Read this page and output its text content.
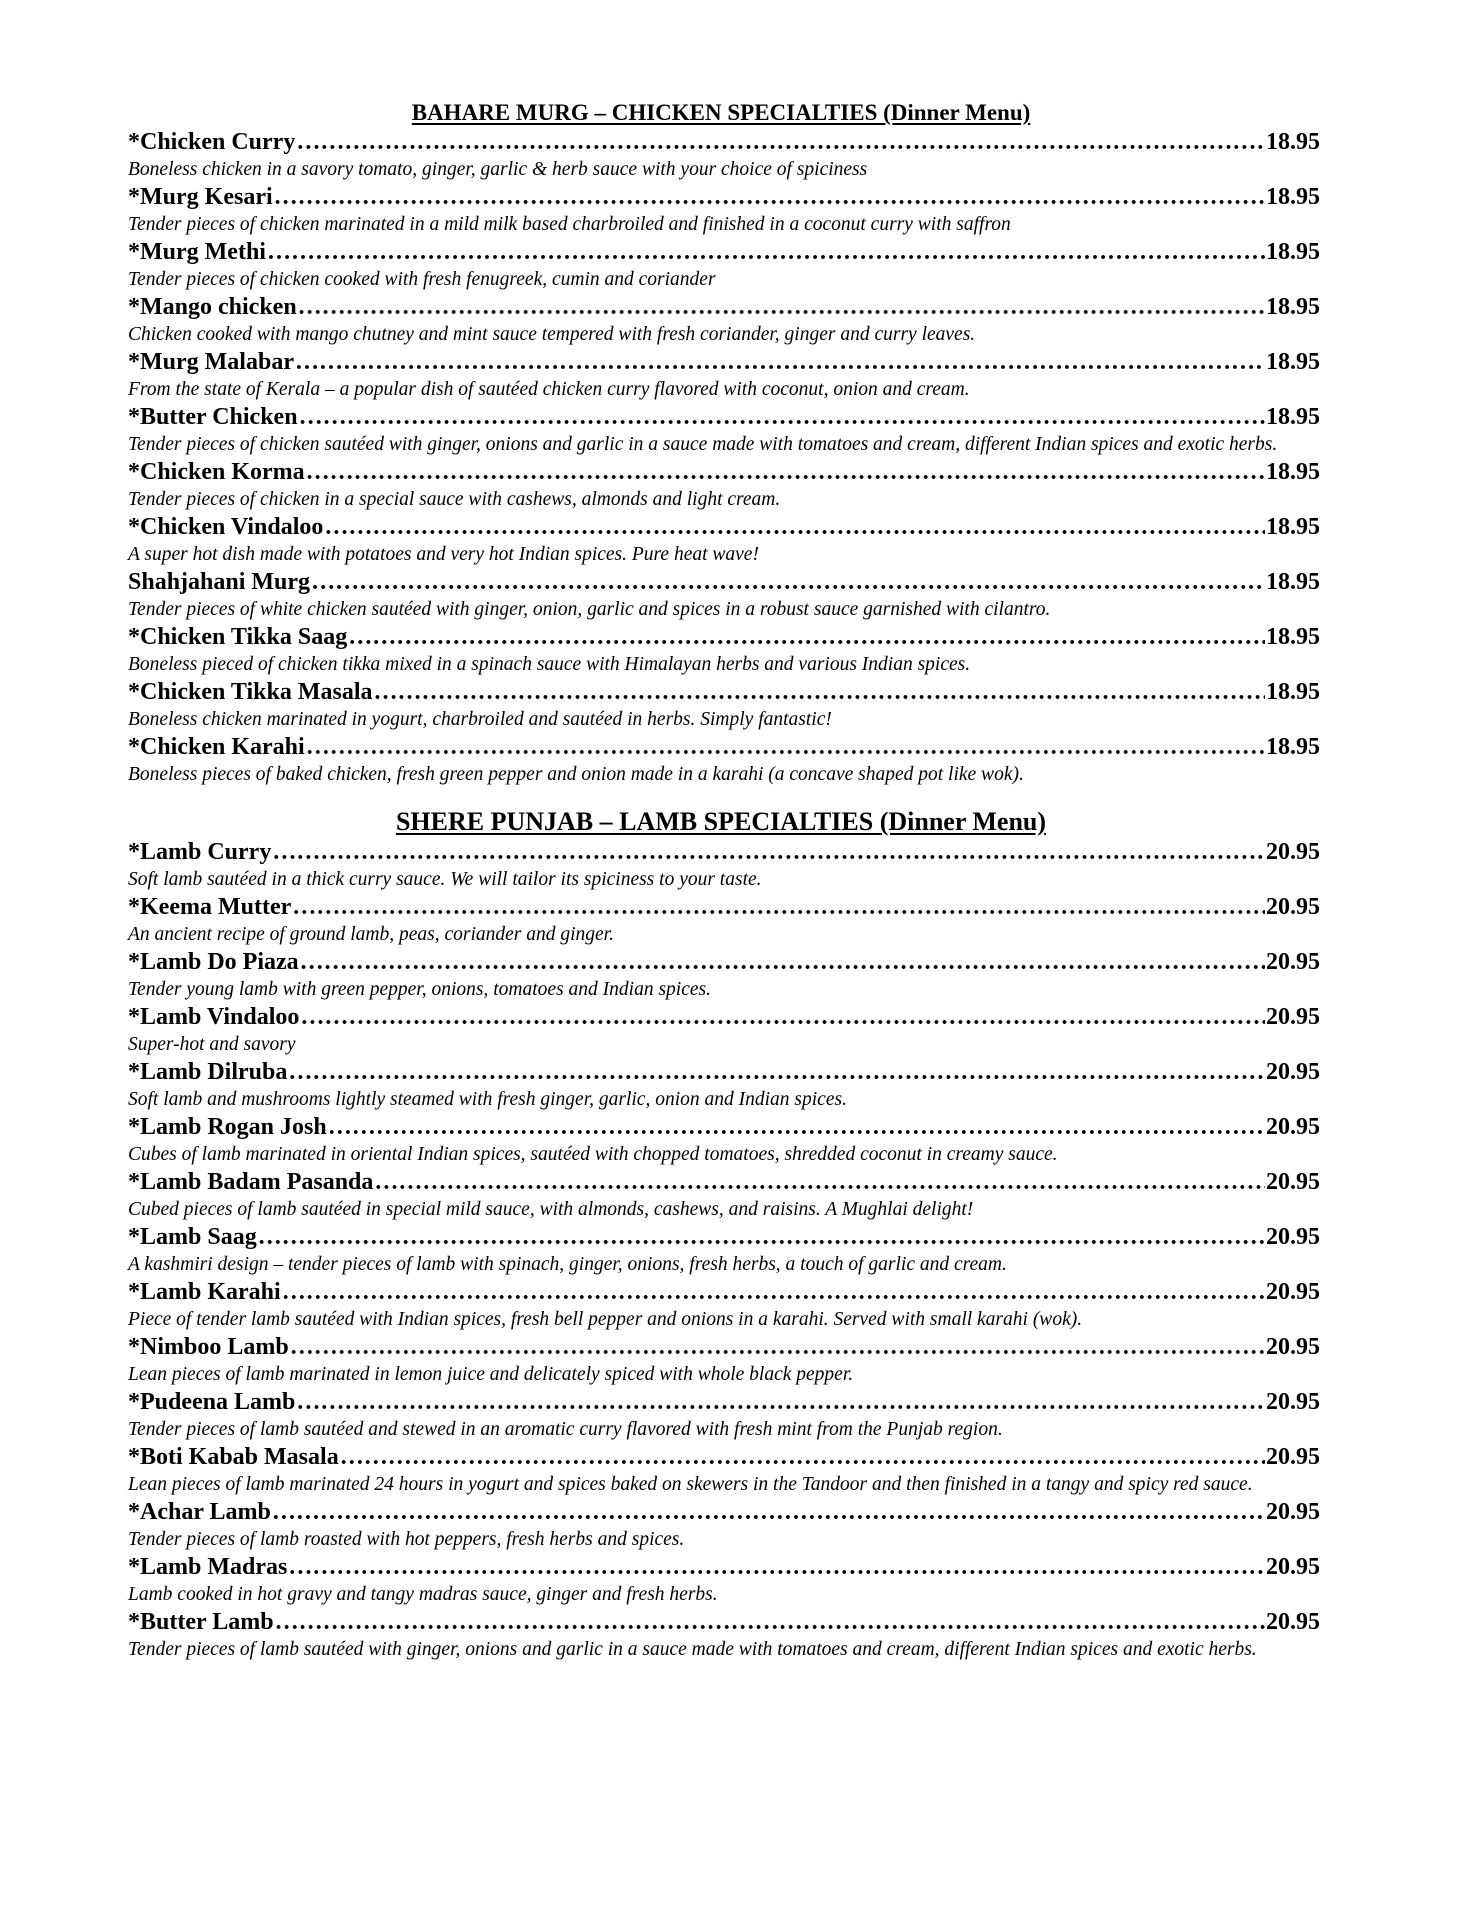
BAHARE MURG – CHICKEN SPECIALTIES (Dinner Menu)
*Chicken Curry ……………………………………………………………………………………………………………………………………………………………………………………………………………………………………………………………………………………	18.95

Boneless chicken in a savory tomato, ginger, garlic & herb sauce with your choice of spiciness

*Murg Kesari ……………………………………………………………………………………………………………………………………………………………………………………………………………………………………………………………………………………	18.95

Tender pieces of chicken marinated in a mild milk based charbroiled and finished in a coconut curry with saffron

*Murg Methi ……………………………………………………………………………………………………………………………………………………………………………………………………………………………………………………………………………………	18.95

Tender pieces of chicken cooked with fresh fenugreek, cumin and coriander

*Mango chicken ……………………………………………………………………………………………………………………………………………………………………………………………………………………………………………………………………………………	18.95

Chicken cooked with mango chutney and mint sauce tempered with fresh coriander, ginger and curry leaves.

*Murg Malabar ……………………………………………………………………………………………………………………………………………………………………………………………………………………………………………………………………………………	18.95

From the state of Kerala – a popular dish of sautéed chicken curry flavored with coconut, onion and cream.

*Butter Chicken ……………………………………………………………………………………………………………………………………………………………………………………………………………………………………………………………………………………	18.95

Tender pieces of chicken sautéed with ginger, onions and garlic in a sauce made with tomatoes and cream, different Indian spices and exotic herbs.

*Chicken Korma ……………………………………………………………………………………………………………………………………………………………………………………………………………………………………………………………………………………	18.95

Tender pieces of chicken in a special sauce with cashews, almonds and light cream.

*Chicken Vindaloo ……………………………………………………………………………………………………………………………………………………………………………………………………………………………………………………………………………………	18.95

A super hot dish made with potatoes and very hot Indian spices. Pure heat wave!

Shahjahani Murg ……………………………………………………………………………………………………………………………………………………………………………………………………………………………………………………………………………………	18.95

Tender pieces of white chicken sautéed with ginger, onion, garlic and spices in a robust sauce garnished with cilantro.

*Chicken Tikka Saag ……………………………………………………………………………………………………………………………………………………………………………………………………………………………………………………………………………………	18.95

Boneless pieced of chicken tikka mixed in a spinach sauce with Himalayan herbs and various Indian spices.

*Chicken Tikka Masala ……………………………………………………………………………………………………………………………………………………………………………………………………………………………………………………………………………………	18.95

Boneless chicken marinated in yogurt, charbroiled and sautéed in herbs. Simply fantastic!

*Chicken Karahi ……………………………………………………………………………………………………………………………………………………………………………………………………………………………………………………………………………………	18.95

Boneless pieces of baked chicken, fresh green pepper and onion made in a karahi (a concave shaped pot like wok).

SHERE PUNJAB – LAMB SPECIALTIES (Dinner Menu)
*Lamb Curry ……………………………………………………………………………………………………………………………………………………………………………………………………………………………………………………………………………………	20.95

Soft lamb sautéed in a thick curry sauce. We will tailor its spiciness to your taste.

*Keema Mutter ……………………………………………………………………………………………………………………………………………………………………………………………………………………………………………………………………………………	20.95

An ancient recipe of ground lamb, peas, coriander and ginger.

*Lamb Do Piaza ……………………………………………………………………………………………………………………………………………………………………………………………………………………………………………………………………………………	20.95

Tender young lamb with green pepper, onions, tomatoes and Indian spices.

*Lamb Vindaloo ……………………………………………………………………………………………………………………………………………………………………………………………………………………………………………………………………………………	20.95

Super-hot and savory

*Lamb Dilruba ……………………………………………………………………………………………………………………………………………………………………………………………………………………………………………………………………………………	20.95

Soft lamb and mushrooms lightly steamed with fresh ginger, garlic, onion and Indian spices.

*Lamb Rogan Josh ……………………………………………………………………………………………………………………………………………………………………………………………………………………………………………………………………………………	20.95

Cubes of lamb marinated in oriental Indian spices, sautéed with chopped tomatoes, shredded coconut in creamy sauce.

*Lamb Badam Pasanda ……………………………………………………………………………………………………………………………………………………………………………………………………………………………………………………………………………………	20.95

Cubed pieces of lamb sautéed in special mild sauce, with almonds, cashews, and raisins. A Mughlai delight!

*Lamb Saag ……………………………………………………………………………………………………………………………………………………………………………………………………………………………………………………………………………………	20.95

A kashmiri design – tender pieces of lamb with spinach, ginger, onions, fresh herbs, a touch of garlic and cream.

*Lamb Karahi ……………………………………………………………………………………………………………………………………………………………………………………………………………………………………………………………………………………	20.95

Piece of tender lamb sautéed with Indian spices, fresh bell pepper and onions in a karahi. Served with small karahi (wok).

*Nimboo Lamb ……………………………………………………………………………………………………………………………………………………………………………………………………………………………………………………………………………………	20.95

Lean pieces of lamb marinated in lemon juice and delicately spiced with whole black pepper.

*Pudeena Lamb ……………………………………………………………………………………………………………………………………………………………………………………………………………………………………………………………………………………	20.95

Tender pieces of lamb sautéed and stewed in an aromatic curry flavored with fresh mint from the Punjab region.

*Boti Kabab Masala ……………………………………………………………………………………………………………………………………………………………………………………………………………………………………………………………………………………	20.95

Lean pieces of lamb marinated 24 hours in yogurt and spices baked on skewers in the Tandoor and then finished in a tangy and spicy red sauce.

*Achar Lamb ……………………………………………………………………………………………………………………………………………………………………………………………………………………………………………………………………………………	20.95

Tender pieces of lamb roasted with hot peppers, fresh herbs and spices.

*Lamb Madras ……………………………………………………………………………………………………………………………………………………………………………………………………………………………………………………………………………………	20.95

Lamb cooked in hot gravy and tangy madras sauce, ginger and fresh herbs.

*Butter Lamb ……………………………………………………………………………………………………………………………………………………………………………………………………………………………………………………………………………………	20.95

Tender pieces of lamb sautéed with ginger, onions and garlic in a sauce made with tomatoes and cream, different Indian spices and exotic herbs.
